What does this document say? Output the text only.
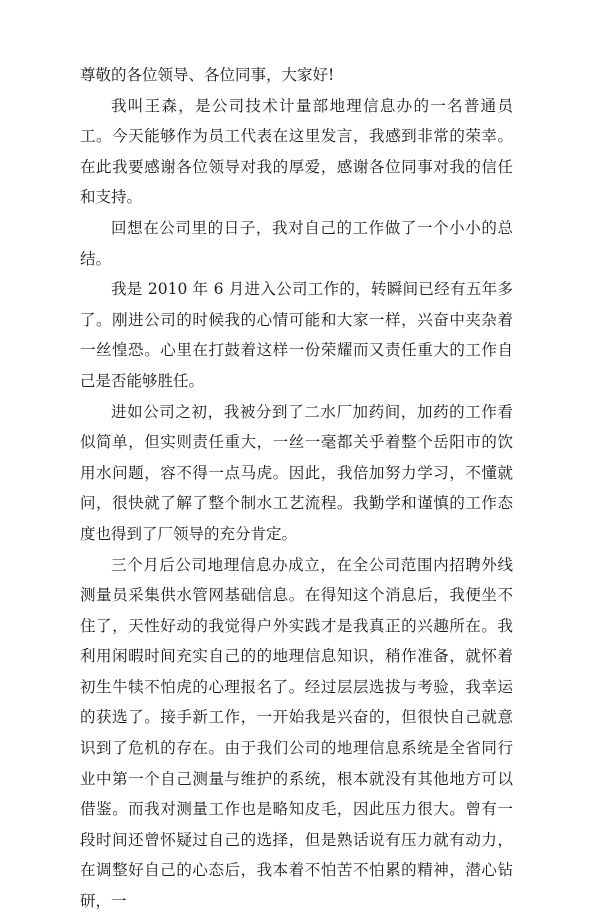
尊敬的各位领导、各位同事，大家好!

我叫王森，是公司技术计量部地理信息办的一名普通员工。今天能够作为员工代表在这里发言，我感到非常的荣幸。在此我要感谢各位领导对我的厚爱，感谢各位同事对我的信任和支持。

回想在公司里的日子，我对自己的工作做了一个小小的总结。

我是 2010 年 6 月进入公司工作的，转瞬间已经有五年多了。刚进公司的时候我的心情可能和大家一样，兴奋中夹杂着一丝惶恐。心里在打鼓着这样一份荣耀而又责任重大的工作自己是否能够胜任。

进如公司之初，我被分到了二水厂加药间，加药的工作看似简单，但实则责任重大，一丝一毫都关乎着整个岳阳市的饮用水问题，容不得一点马虎。因此，我倍加努力学习，不懂就问，很快就了解了整个制水工艺流程。我勤学和谨慎的工作态度也得到了厂领导的充分肯定。

三个月后公司地理信息办成立，在全公司范围内招聘外线测量员采集供水管网基础信息。在得知这个消息后，我便坐不住了，天性好动的我觉得户外实践才是我真正的兴趣所在。我利用闲暇时间充实自己的的地理信息知识，稍作准备，就怀着初生牛犊不怕虎的心理报名了。经过层层选拔与考验，我幸运的获选了。接手新工作，一开始我是兴奋的，但很快自己就意识到了危机的存在。由于我们公司的地理信息系统是全省同行业中第一个自己测量与维护的系统，根本就没有其他地方可以借鉴。而我对测量工作也是略知皮毛，因此压力很大。曾有一段时间还曾怀疑过自己的选择，但是熟话说有压力就有动力，在调整好自己的心态后，我本着不怕苦不怕累的精神，潜心钻研，一
